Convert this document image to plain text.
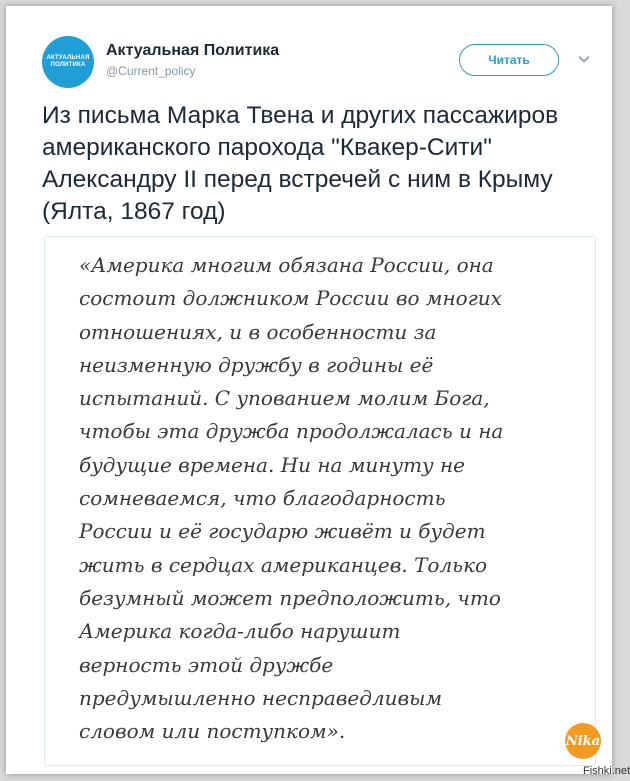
АКТУАЛЬНАЯ
ПОЛИТИКА
Актуальная Политика
@Current_policy
Читать

Из письма Марка Твена и других пассажиров американского парохода "Квакер-Сити" Александру II перед встречей с ним в Крыму (Ялта, 1867 год)

«Америка многим обязана России, она
состоит должником России во многих
отношениях, и в особенности за
неизменную дружбу в годины её
испытаний. С упованием молим Бога,
чтобы эта дружба продолжалась и на
будущие времена. Ни на минуту не
сомневаемся, что благодарность
России и её государю живёт и будет
жить в сердцах американцев. Только
безумный может предположить, что
Америка когда-либо нарушит
верность этой дружбе
предумышленно несправедливым
словом или поступком».	Nika
Fishki.net
